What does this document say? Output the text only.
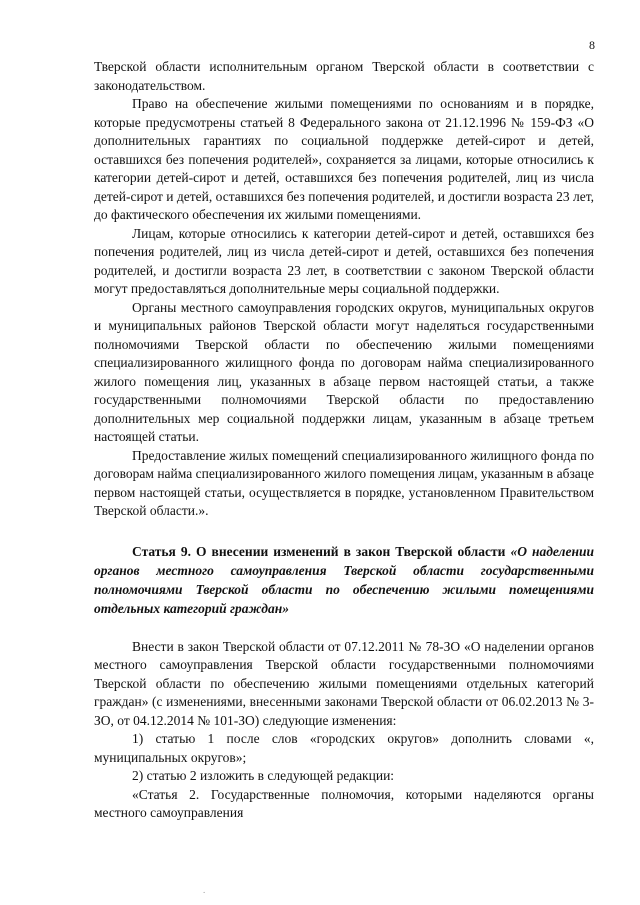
8

Тверской области исполнительным органом Тверской области в соответствии с законодательством.

Право на обеспечение жилыми помещениями по основаниям и в порядке, которые предусмотрены статьей 8 Федерального закона от 21.12.1996 № 159-ФЗ «О дополнительных гарантиях по социальной поддержке детей-сирот и детей, оставшихся без попечения родителей», сохраняется за лицами, которые относились к категории детей-сирот и детей, оставшихся без попечения родителей, лиц из числа детей-сирот и детей, оставшихся без попечения родителей, и достигли возраста 23 лет, до фактического обеспечения их жилыми помещениями.

Лицам, которые относились к категории детей-сирот и детей, оставшихся без попечения родителей, лиц из числа детей-сирот и детей, оставшихся без попечения родителей, и достигли возраста 23 лет, в соответствии с законом Тверской области могут предоставляться дополнительные меры социальной поддержки.

Органы местного самоуправления городских округов, муниципальных округов и муниципальных районов Тверской области могут наделяться государственными полномочиями Тверской области по обеспечению жилыми помещениями специализированного жилищного фонда по договорам найма специализированного жилого помещения лиц, указанных в абзаце первом настоящей статьи, а также государственными полномочиями Тверской области по предоставлению дополнительных мер социальной поддержки лицам, указанным в абзаце третьем настоящей статьи.

Предоставление жилых помещений специализированного жилищного фонда по договорам найма специализированного жилого помещения лицам, указанным в абзаце первом настоящей статьи, осуществляется в порядке, установленном Правительством Тверской области.».

Статья 9. О внесении изменений в закон Тверской области «О наделении органов местного самоуправления Тверской области государственными полномочиями Тверской области по обеспечению жилыми помещениями отдельных категорий граждан»

Внести в закон Тверской области от 07.12.2011 № 78-ЗО «О наделении органов местного самоуправления Тверской области государственными полномочиями Тверской области по обеспечению жилыми помещениями отдельных категорий граждан» (с изменениями, внесенными законами Тверской области от 06.02.2013 № 3-ЗО, от 04.12.2014 № 101-ЗО) следующие изменения:

1) статью 1 после слов «городских округов» дополнить словами «, муниципальных округов»;

2) статью 2 изложить в следующей редакции:

«Статья 2. Государственные полномочия, которыми наделяются органы местного самоуправления

.
